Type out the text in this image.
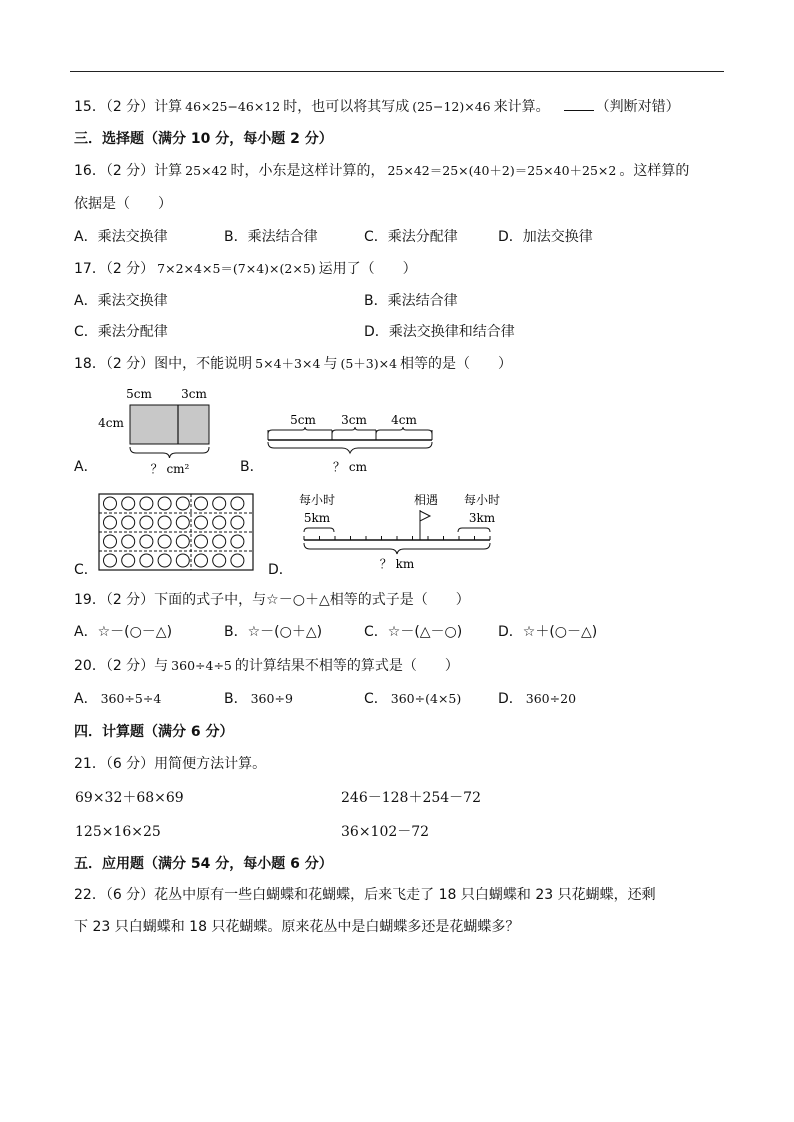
15．（2 分）计算 46×25−46×12 时，也可以将其写成 (25−12)×46 来计算。	（判断对错）
三．选择题（满分 10 分，每小题 2 分）
16．（2 分）计算 25×42 时，小东是这样计算的， 25×42＝25×(40＋2)＝25×40＋25×2 。这样算的
依据是（　　）
A．乘法交换律	B．乘法结合律	C．乘法分配律	D．加法交换律
17．（2 分） 7×2×4×5＝(7×4)×(2×5) 运用了（　　）
A．乘法交换律	B．乘法结合律
C．乘法分配律	D．乘法交换律和结合律
18．（2 分）图中，不能说明 5×4＋3×4 与 (5＋3)×4 相等的是（　　）
A．
5cm 3cm
4cm
？ cm²	B．
5cm 3cm 4cm
？ cm
C．	D．
每小时
5km
相遇 每小时
3km
？ km
19．（2 分）下面的式子中，与☆－○＋△相等的式子是（　　）
A．☆－(○－△)	B．☆－(○＋△)	C．☆－(△－○)	D．☆＋(○－△)
20．（2 分）与 360÷4÷5 的计算结果不相等的算式是（　　）
A． 360÷5÷4	B． 360÷9	C． 360÷(4×5)	D． 360÷20
四．计算题（满分 6 分）
21．（6 分）用简便方法计算。
69×32＋68×69	246－128＋254－72
125×16×25	36×102－72
五．应用题（满分 54 分，每小题 6 分）
22．（6 分）花丛中原有一些白蝴蝶和花蝴蝶，后来飞走了 18 只白蝴蝶和 23 只花蝴蝶，还剩
下 23 只白蝴蝶和 18 只花蝴蝶。原来花丛中是白蝴蝶多还是花蝴蝶多？
